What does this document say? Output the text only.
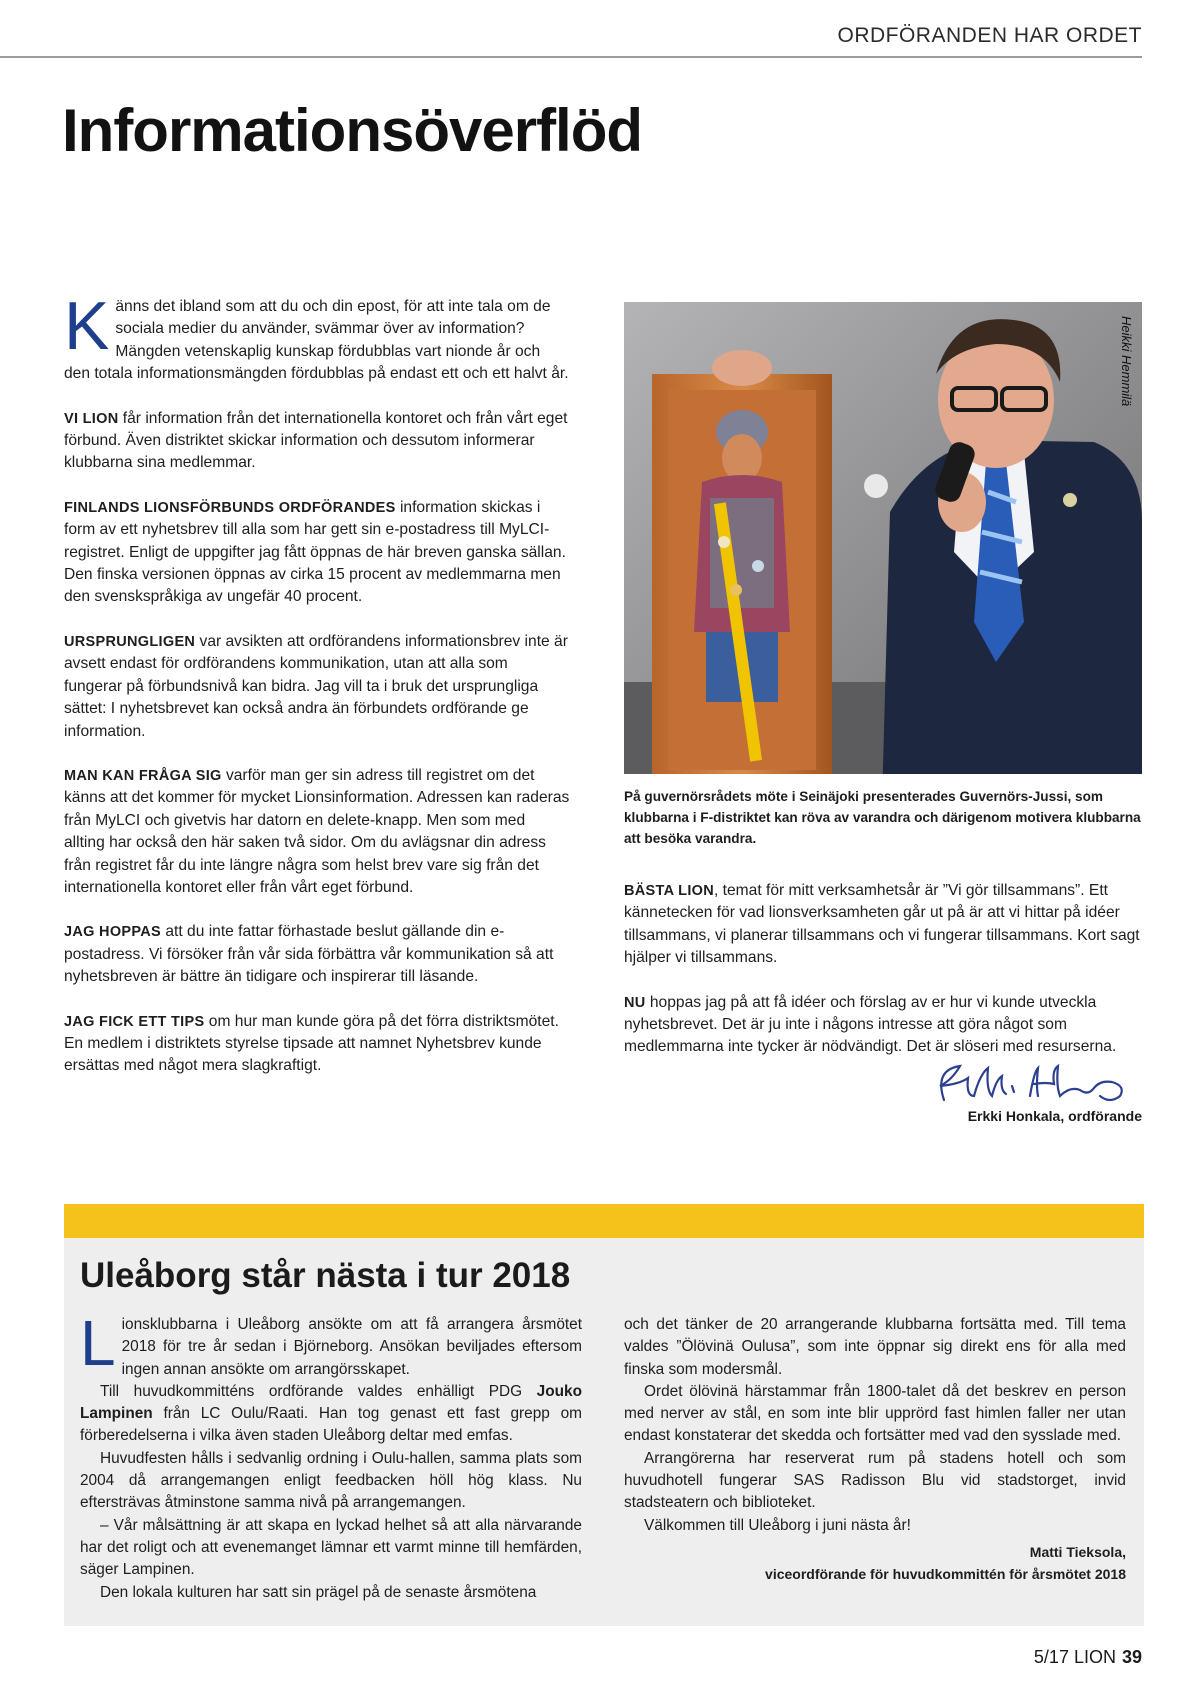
ORDFÖRANDEN HAR ORDET
Informationsöverflöd

Känns det ibland som att du och din epost, för att inte tala om de sociala medier du använder, svämmar över av information? Mängden vetenskaplig kunskap fördubblas vart nionde år och den totala informationsmängden fördubblas på endast ett och ett halvt år.

VI LION får information från det internationella kontoret och från vårt eget förbund. Även distriktet skickar information och dessutom informerar klubbarna sina medlemmar.

FINLANDS LIONSFÖRBUNDS ORDFÖRANDES information skickas i form av ett nyhetsbrev till alla som har gett sin e-postadress till MyLCI-registret. Enligt de uppgifter jag fått öppnas de här breven ganska sällan. Den finska versionen öppnas av cirka 15 procent av medlemmarna men den svenskspråkiga av ungefär 40 procent.

URSPRUNGLIGEN var avsikten att ordförandens informationsbrev inte är avsett endast för ordförandens kommunikation, utan att alla som fungerar på förbundsnivå kan bidra. Jag vill ta i bruk det ursprungliga sättet: I nyhetsbrevet kan också andra än förbundets ordförande ge information.

MAN KAN FRÅGA SIG varför man ger sin adress till registret om det känns att det kommer för mycket Lionsinformation. Adressen kan raderas från MyLCI och givetvis har datorn en delete-knapp. Men som med allting har också den här saken två sidor. Om du avlägsnar din adress från registret får du inte längre några som helst brev vare sig från det internationella kontoret eller från vårt eget förbund.

JAG HOPPAS att du inte fattar förhastade beslut gällande din e-postadress. Vi försöker från vår sida förbättra vår kommunikation så att nyhetsbreven är bättre än tidigare och inspirerar till läsande.

JAG FICK ETT TIPS om hur man kunde göra på det förra distriktsmötet. En medlem i distriktets styrelse tipsade att namnet Nyhetsbrev kunde ersättas med något mera slagkraftigt.

Heikki Hemmilä
På guvernörsrådets möte i Seinäjoki presenterades Guvernörs-Jussi, som klubbarna i F-distriktet kan röva av varandra och därigenom motivera klubbarna att besöka varandra.

BÄSTA LION, temat för mitt verksamhetsår är ”Vi gör tillsammans”. Ett kännetecken för vad lionsverksamheten går ut på är att vi hittar på idéer tillsammans, vi planerar tillsammans och vi fungerar tillsammans. Kort sagt hjälper vi tillsammans.

NU hoppas jag på att få idéer och förslag av er hur vi kunde utveckla nyhetsbrevet. Det är ju inte i någons intresse att göra något som medlemmarna inte tycker är nödvändigt. Det är slöseri med resurserna.

Erkki Honkala, ordförande
Uleåborg står nästa i tur 2018

Lionsklubbarna i Uleåborg ansökte om att få arrangera årsmötet 2018 för tre år sedan i Björneborg. Ansökan beviljades eftersom ingen annan ansökte om arrangörsskapet.

Till huvudkommitténs ordförande valdes enhälligt PDG Jouko Lampinen från LC Oulu/Raati. Han tog genast ett fast grepp om förberedelserna i vilka även staden Uleåborg deltar med emfas.

Huvudfesten hålls i sedvanlig ordning i Oulu-hallen, samma plats som 2004 då arrangemangen enligt feedbacken höll hög klass. Nu eftersträvas åtminstone samma nivå på arrangemangen.

– Vår målsättning är att skapa en lyckad helhet så att alla närvarande har det roligt och att evenemanget lämnar ett varmt minne till hemfärden, säger Lampinen.

Den lokala kulturen har satt sin prägel på de senaste årsmötena

och det tänker de 20 arrangerande klubbarna fortsätta med. Till tema valdes ”Ölövinä Oulusa”, som inte öppnar sig direkt ens för alla med finska som modersmål.

Ordet ölövinä härstammar från 1800-talet då det beskrev en person med nerver av stål, en som inte blir upprörd fast himlen faller ner utan endast konstaterar det skedda och fortsätter med vad den sysslade med.

Arrangörerna har reserverat rum på stadens hotell och som huvudhotell fungerar SAS Radisson Blu vid stadstorget, invid stadsteatern och biblioteket.

Välkommen till Uleåborg i juni nästa år!

Matti Tieksola,
viceordförande för huvudkommittén för årsmötet 2018
5/17 LION 39
